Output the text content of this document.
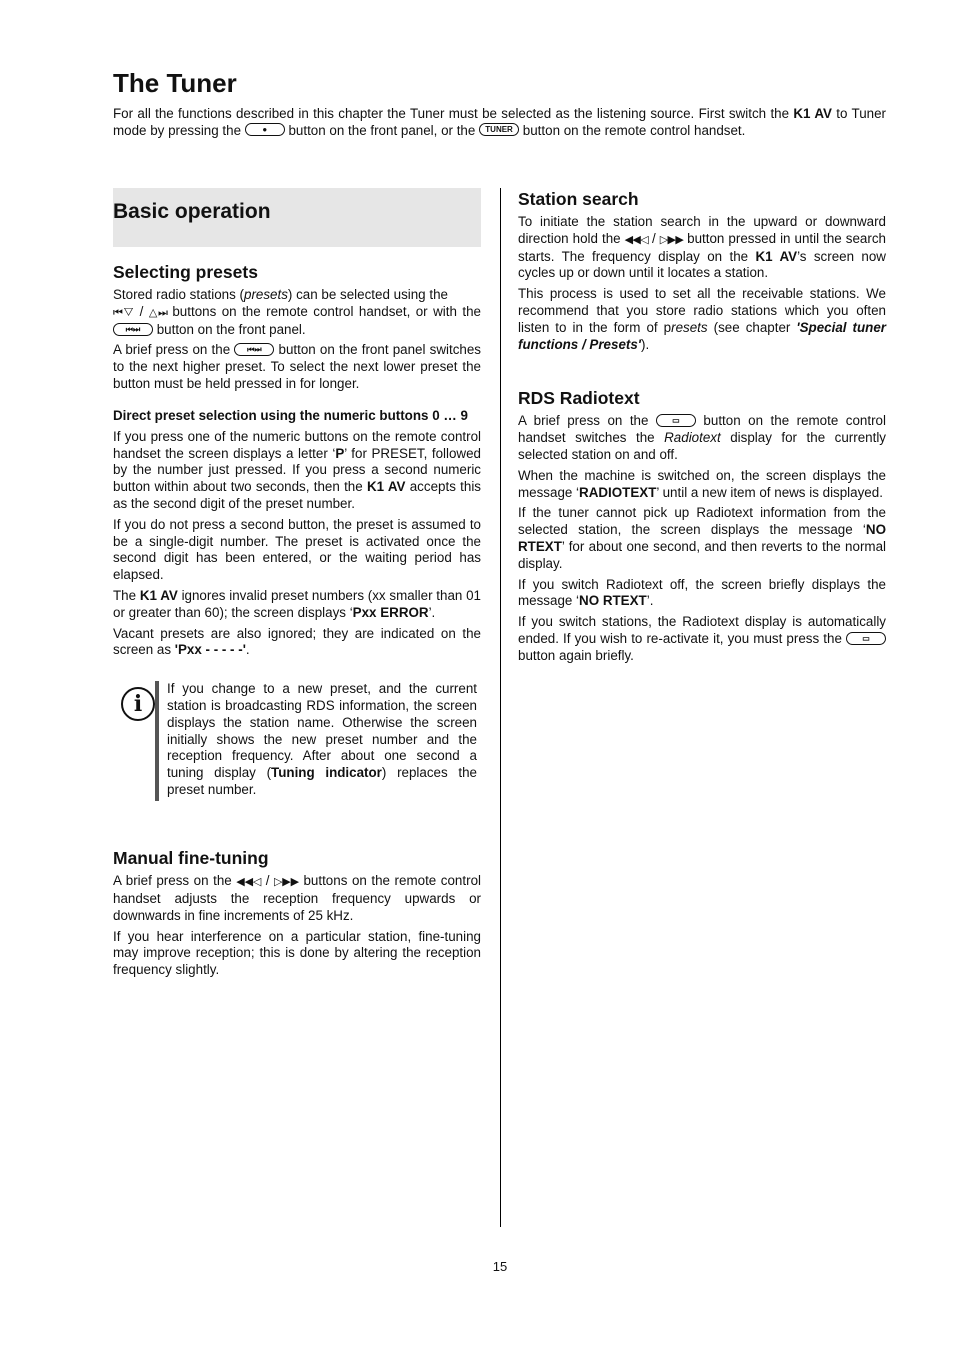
The Tuner

For all the functions described in this chapter the Tuner must be selected as the listening source. First switch the K1 AV to Tuner mode by pressing the ● button on the front panel, or the TUNER button on the remote control handset.

Basic operation
Selecting presets

Stored radio stations (presets) can be selected using the
⏮▽ / △⏭ buttons on the remote control handset, or with the ⏮⏭ button on the front panel.

A brief press on the ⏮⏭ button on the front panel switches to the next higher preset. To select the next lower preset the button must be held pressed in for longer.

Direct preset selection using the numeric buttons 0 … 9

If you press one of the numeric buttons on the remote control handset the screen displays a letter ‘P’ for PRESET, followed by the number just pressed. If you press a second numeric button within about two seconds, then the K1 AV accepts this as the second digit of the preset number.

If you do not press a second button, the preset is assumed to be a single-digit number. The preset is activated once the second digit has been entered, or the waiting period has elapsed.

The K1 AV ignores invalid preset numbers (xx smaller than 01 or greater than 60); the screen displays ‘Pxx ERROR’.

Vacant presets are also ignored; they are indicated on the screen as 'Pxx - - - - -'.

i

If you change to a new preset, and the current station is broadcasting RDS information, the screen displays the station name. Otherwise the screen initially shows the new preset number and the reception frequency. After about one second a tuning display (Tuning indicator) replaces the preset number.

Manual fine-tuning

A brief press on the ◀◀◁ / ▷▶▶ buttons on the remote control handset adjusts the reception frequency upwards or downwards in fine increments of 25 kHz.

If you hear interference on a particular station, fine-tuning may improve reception; this is done by altering the reception frequency slightly.

Station search

To initiate the station search in the upward or downward direction hold the ◀◀◁ / ▷▶▶ button pressed in until the search starts. The frequency display on the K1 AV’s screen now cycles up or down until it locates a station.

This process is used to set all the receivable stations. We recommend that you store radio stations which you often listen to in the form of presets (see chapter 'Special tuner functions / Presets').

RDS Radiotext

A brief press on the ▭ button on the remote control handset switches the Radiotext display for the currently selected station on and off.

When the machine is switched on, the screen displays the message ‘RADIOTEXT’ until a new item of news is displayed.

If the tuner cannot pick up Radiotext information from the selected station, the screen displays the message ‘NO RTEXT’ for about one second, and then reverts to the normal display.

If you switch Radiotext off, the screen briefly displays the message ‘NO RTEXT’.

If you switch stations, the Radiotext display is automatically ended. If you wish to re-activate it, you must press the ▭ button again briefly.

15
